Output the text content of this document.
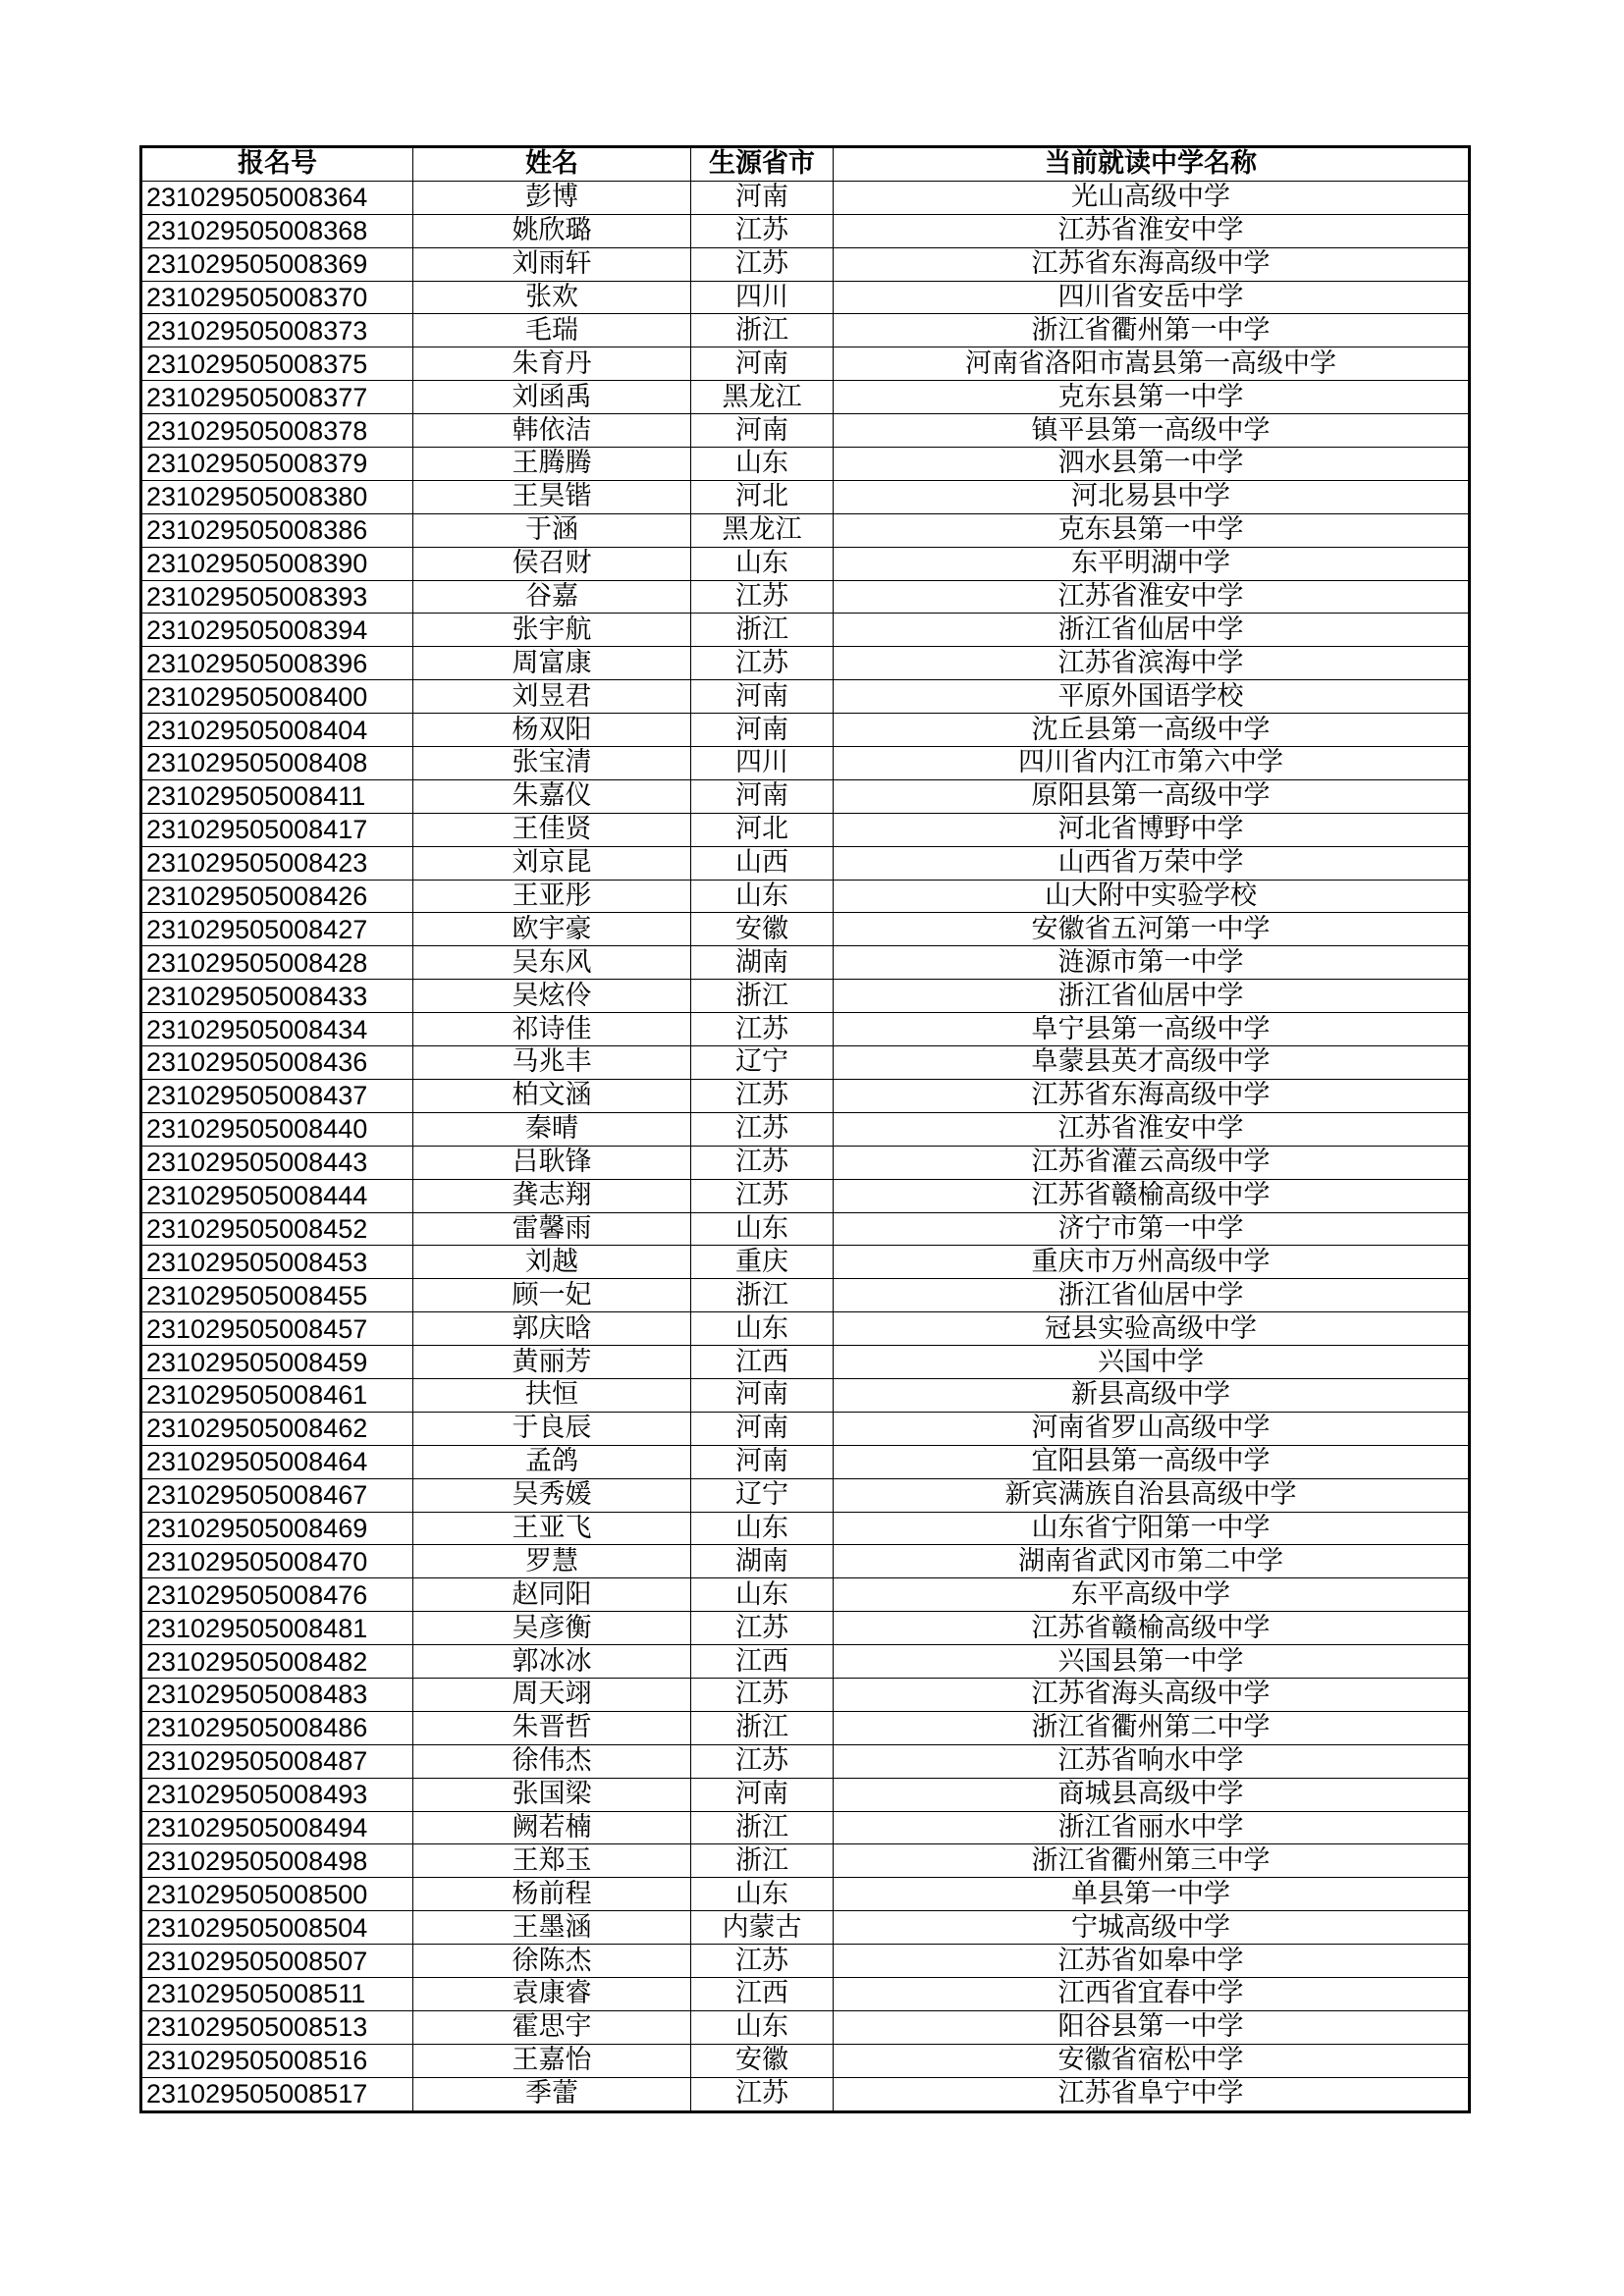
报名号	姓名	生源省市	当前就读中学名称
231029505008364	彭博	河南	光山高级中学
231029505008368	姚欣璐	江苏	江苏省淮安中学
231029505008369	刘雨轩	江苏	江苏省东海高级中学
231029505008370	张欢	四川	四川省安岳中学
231029505008373	毛瑞	浙江	浙江省衢州第一中学
231029505008375	朱育丹	河南	河南省洛阳市嵩县第一高级中学
231029505008377	刘函禹	黑龙江	克东县第一中学
231029505008378	韩依洁	河南	镇平县第一高级中学
231029505008379	王腾腾	山东	泗水县第一中学
231029505008380	王昊锴	河北	河北易县中学
231029505008386	于涵	黑龙江	克东县第一中学
231029505008390	侯召财	山东	东平明湖中学
231029505008393	谷嘉	江苏	江苏省淮安中学
231029505008394	张宇航	浙江	浙江省仙居中学
231029505008396	周富康	江苏	江苏省滨海中学
231029505008400	刘昱君	河南	平原外国语学校
231029505008404	杨双阳	河南	沈丘县第一高级中学
231029505008408	张宝清	四川	四川省内江市第六中学
231029505008411	朱嘉仪	河南	原阳县第一高级中学
231029505008417	王佳贤	河北	河北省博野中学
231029505008423	刘京昆	山西	山西省万荣中学
231029505008426	王亚彤	山东	山大附中实验学校
231029505008427	欧宇豪	安徽	安徽省五河第一中学
231029505008428	吴东风	湖南	涟源市第一中学
231029505008433	吴炫伶	浙江	浙江省仙居中学
231029505008434	祁诗佳	江苏	阜宁县第一高级中学
231029505008436	马兆丰	辽宁	阜蒙县英才高级中学
231029505008437	柏文涵	江苏	江苏省东海高级中学
231029505008440	秦晴	江苏	江苏省淮安中学
231029505008443	吕耿锋	江苏	江苏省灌云高级中学
231029505008444	龚志翔	江苏	江苏省赣榆高级中学
231029505008452	雷馨雨	山东	济宁市第一中学
231029505008453	刘越	重庆	重庆市万州高级中学
231029505008455	顾一妃	浙江	浙江省仙居中学
231029505008457	郭庆晗	山东	冠县实验高级中学
231029505008459	黄丽芳	江西	兴国中学
231029505008461	扶恒	河南	新县高级中学
231029505008462	于良辰	河南	河南省罗山高级中学
231029505008464	孟鸽	河南	宜阳县第一高级中学
231029505008467	吴秀媛	辽宁	新宾满族自治县高级中学
231029505008469	王亚飞	山东	山东省宁阳第一中学
231029505008470	罗慧	湖南	湖南省武冈市第二中学
231029505008476	赵同阳	山东	东平高级中学
231029505008481	吴彦衡	江苏	江苏省赣榆高级中学
231029505008482	郭冰冰	江西	兴国县第一中学
231029505008483	周天翊	江苏	江苏省海头高级中学
231029505008486	朱晋哲	浙江	浙江省衢州第二中学
231029505008487	徐伟杰	江苏	江苏省响水中学
231029505008493	张国梁	河南	商城县高级中学
231029505008494	阙若楠	浙江	浙江省丽水中学
231029505008498	王郑玉	浙江	浙江省衢州第三中学
231029505008500	杨前程	山东	单县第一中学
231029505008504	王墨涵	内蒙古	宁城高级中学
231029505008507	徐陈杰	江苏	江苏省如皋中学
231029505008511	袁康睿	江西	江西省宜春中学
231029505008513	霍思宇	山东	阳谷县第一中学
231029505008516	王嘉怡	安徽	安徽省宿松中学
231029505008517	季蕾	江苏	江苏省阜宁中学
